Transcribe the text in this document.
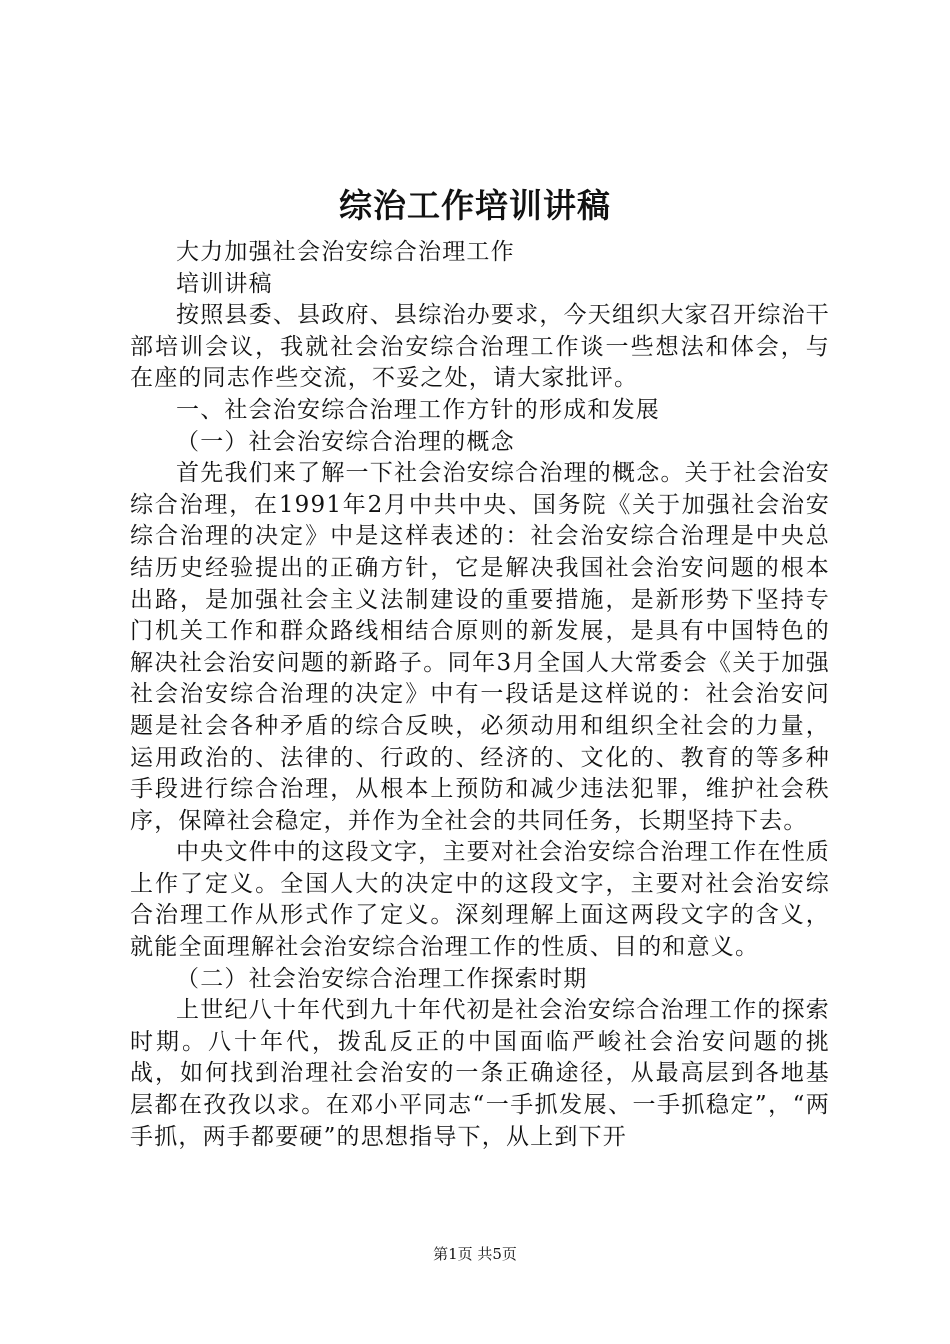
综治工作培训讲稿

大力加强社会治安综合治理工作

培训讲稿

按照县委、县政府、县综治办要求，今天组织大家召开综治干部培训会议，我就社会治安综合治理工作谈一些想法和体会，与在座的同志作些交流，不妥之处，请大家批评。

一、社会治安综合治理工作方针的形成和发展

（一）社会治安综合治理的概念

首先我们来了解一下社会治安综合治理的概念。关于社会治安综合治理，在1991年2月中共中央、国务院《关于加强社会治安综合治理的决定》中是这样表述的：社会治安综合治理是中央总结历史经验提出的正确方针，它是解决我国社会治安问题的根本出路，是加强社会主义法制建设的重要措施，是新形势下坚持专门机关工作和群众路线相结合原则的新发展，是具有中国特色的解决社会治安问题的新路子。同年3月全国人大常委会《关于加强社会治安综合治理的决定》中有一段话是这样说的：社会治安问题是社会各种矛盾的综合反映，必须动用和组织全社会的力量，运用政治的、法律的、行政的、经济的、文化的、教育的等多种手段进行综合治理，从根本上预防和减少违法犯罪，维护社会秩序，保障社会稳定，并作为全社会的共同任务，长期坚持下去。

中央文件中的这段文字，主要对社会治安综合治理工作在性质上作了定义。全国人大的决定中的这段文字，主要对社会治安综合治理工作从形式作了定义。深刻理解上面这两段文字的含义，就能全面理解社会治安综合治理工作的性质、目的和意义。

（二）社会治安综合治理工作探索时期

上世纪八十年代到九十年代初是社会治安综合治理工作的探索时期。八十年代，拨乱反正的中国面临严峻社会治安问题的挑战，如何找到治理社会治安的一条正确途径，从最高层到各地基层都在孜孜以求。在邓小平同志“一手抓发展、一手抓稳定”，“两手抓，两手都要硬”的思想指导下，从上到下开

第1页 共5页
